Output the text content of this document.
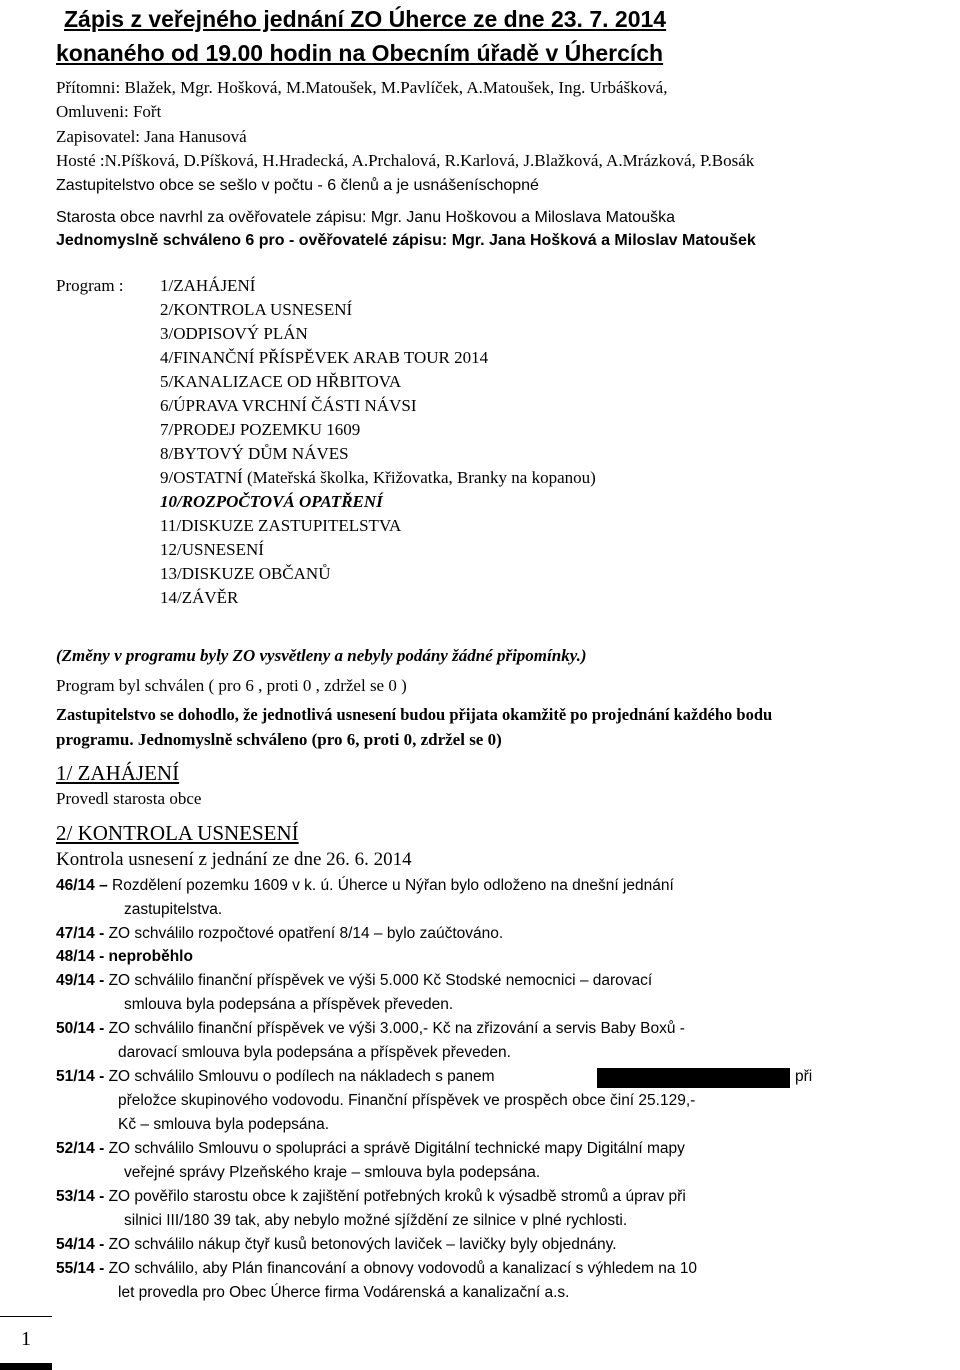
Zápis z veřejného jednání ZO Úherce ze dne 23. 7. 2014
konaného od 19.00 hodin na Obecním úřadě v Úhercích
Přítomni: Blažek, Mgr. Hošková, M.Matoušek, M.Pavlíček, A.Matoušek, Ing. Urbášková,
Omluveni: Fořt
Zapisovatel: Jana Hanusová
Hosté :N.Píšková, D.Píšková, H.Hradecká, A.Prchalová, R.Karlová, J.Blažková, A.Mrázková, P.Bosák
Zastupitelstvo obce se sešlo v počtu - 6 členů a je usnášeníschopné
Starosta obce navrhl za ověřovatele zápisu: Mgr. Janu Hoškovou a Miloslava Matouška
Jednomyslně schváleno 6 pro - ověřovatelé zápisu: Mgr. Jana Hošková a Miloslav Matoušek
Program : 1/ZAHÁJENÍ
2/KONTROLA USNESENÍ
3/ODPISOVÝ PLÁN
4/FINANČNÍ PŘÍSPĚVEK ARAB TOUR 2014
5/KANALIZACE OD HŘBITOVA
6/ÚPRAVA VRCHNÍ ČÁSTI NÁVSI
7/PRODEJ POZEMKU 1609
8/BYTOVÝ DŮM NÁVES
9/OSTATNÍ (Mateřská školka, Křižovatka, Branky na kopanou)
10/ROZPOČTOVÁ OPATŘENÍ
11/DISKUZE ZASTUPITELSTVA
12/USNESENÍ
13/DISKUZE OBČANŮ
14/ZÁVĚR
(Změny v programu byly ZO vysvětleny a nebyly podány žádné připomínky.)
Program byl schválen ( pro 6 , proti 0 , zdržel se 0 )
Zastupitelstvo se dohodlo, že jednotlivá usnesení budou přijata okamžitě po projednání každého bodu
programu. Jednomyslně schváleno (pro 6, proti 0, zdržel se 0)
1/ ZAHÁJENÍ
Provedl starosta obce
2/ KONTROLA USNESENÍ
Kontrola usnesení z jednání ze dne 26. 6. 2014
46/14 – Rozdělení pozemku 1609 v k. ú. Úherce u Nýřan bylo odloženo na dnešní jednání
zastupitelstva.
47/14 - ZO schválilo rozpočtové opatření 8/14 – bylo zaúčtováno.
48/14 - neproběhlo
49/14 - ZO schválilo finanční příspěvek ve výši 5.000 Kč Stodské nemocnici – darovací
smlouva byla podepsána a příspěvek převeden.
50/14 - ZO schválilo finanční příspěvek ve výši 3.000,- Kč na zřizování a servis Baby Boxů -
darovací smlouva byla podepsána a příspěvek převeden.
51/14 - ZO schválilo Smlouvu o podílech na nákladech s panem	při
přeložce skupinového vodovodu. Finanční příspěvek ve prospěch obce činí 25.129,-
Kč – smlouva byla podepsána.
52/14 - ZO schválilo Smlouvu o spolupráci a správě Digitální technické mapy Digitální mapy
veřejné správy Plzeňského kraje – smlouva byla podepsána.
53/14 - ZO pověřilo starostu obce k zajištění potřebných kroků k výsadbě stromů a úprav při
silnici III/180 39 tak, aby nebylo možné sjíždění ze silnice v plné rychlosti.
54/14 - ZO schválilo nákup čtyř kusů betonových laviček – lavičky byly objednány.
55/14 - ZO schválilo, aby Plán financování a obnovy vodovodů a kanalizací s výhledem na 10
let provedla pro Obec Úherce firma Vodárenská a kanalizační a.s.
1
